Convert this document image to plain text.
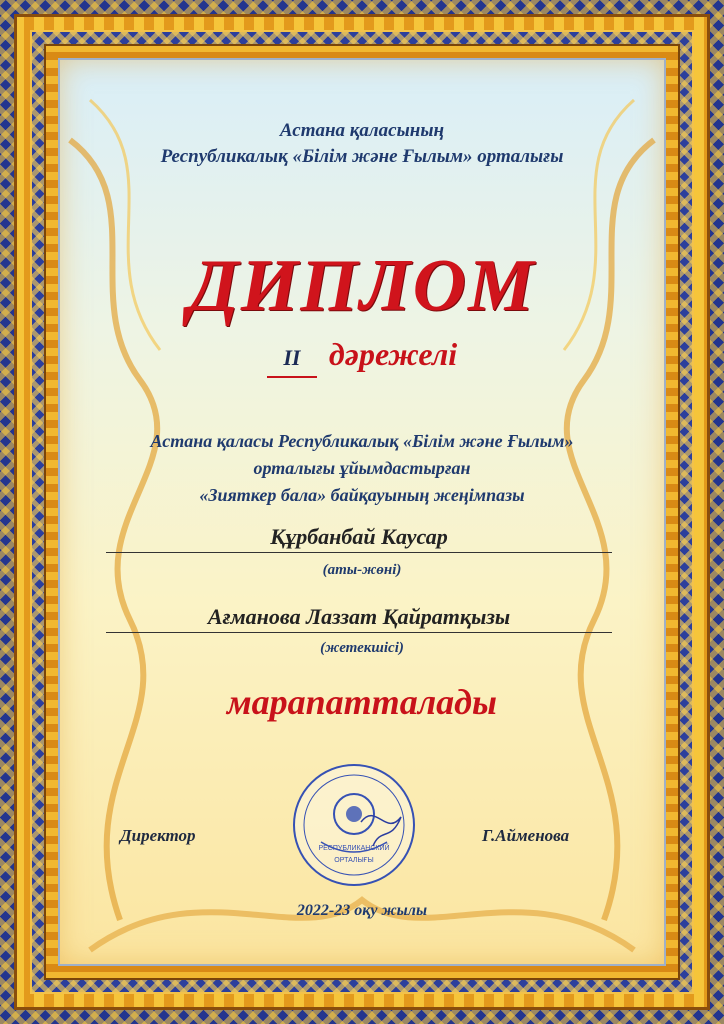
Астана қаласының
Республикалық «Білім және Ғылым» орталығы
ДИПЛОМ
II дәрежелі
Астана қаласы Республикалық «Білім және Ғылым»
орталығы ұйымдастырған
«Зияткер бала» байқауының жеңімпазы
Құрбанбай Каусар
(аты-жөні)
Ағманова Лаззат Қайратқызы
(жетекшісі)
марапатталады
Директор	Г.Айменова
РЕСПУБЛИКАНСКИЙ
ОРТАЛЫҒЫ
2022-23 оқу жылы
